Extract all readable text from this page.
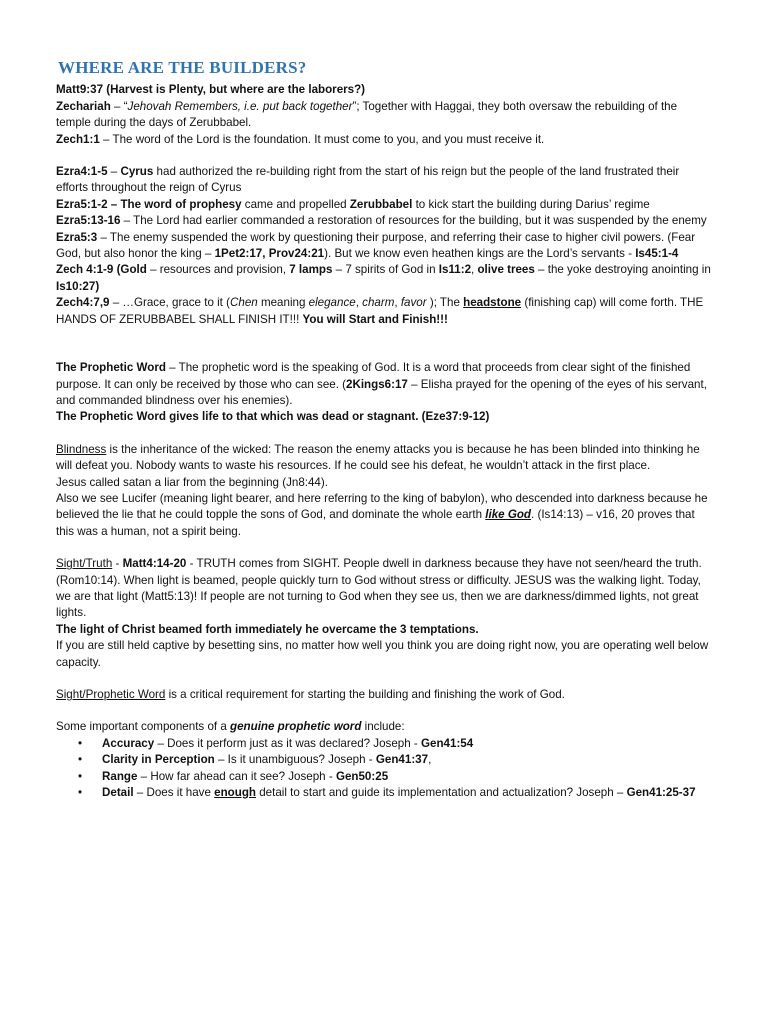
WHERE ARE THE BUILDERS?

Matt9:37 (Harvest is Plenty, but where are the laborers?)

Zechariah – “Jehovah Remembers, i.e. put back together”; Together with Haggai, they both oversaw the rebuilding of the temple during the days of Zerubbabel.

Zech1:1 – The word of the Lord is the foundation. It must come to you, and you must receive it.

Ezra4:1-5 – Cyrus had authorized the re-building right from the start of his reign but the people of the land frustrated their efforts throughout the reign of Cyrus

Ezra5:1-2 – The word of prophesy came and propelled Zerubbabel to kick start the building during Darius’ regime

Ezra5:13-16 – The Lord had earlier commanded a restoration of resources for the building, but it was suspended by the enemy

Ezra5:3 – The enemy suspended the work by questioning their purpose, and referring their case to higher civil powers. (Fear God, but also honor the king – 1Pet2:17, Prov24:21). But we know even heathen kings are the Lord’s servants - Is45:1-4

Zech 4:1-9 (Gold – resources and provision, 7 lamps – 7 spirits of God in Is11:2, olive trees – the yoke destroying anointing in Is10:27)

Zech4:7,9 – …Grace, grace to it (Chen meaning elegance, charm, favor ); The headstone (finishing cap) will come forth. THE HANDS OF ZERUBBABEL SHALL FINISH IT!!! You will Start and Finish!!!

The Prophetic Word – The prophetic word is the speaking of God. It is a word that proceeds from clear sight of the finished purpose. It can only be received by those who can see. (2Kings6:17 – Elisha prayed for the opening of the eyes of his servant, and commanded blindness over his enemies).

The Prophetic Word gives life to that which was dead or stagnant. (Eze37:9-12)

Blindness is the inheritance of the wicked: The reason the enemy attacks you is because he has been blinded into thinking he will defeat you. Nobody wants to waste his resources. If he could see his defeat, he wouldn’t attack in the first place.

Jesus called satan a liar from the beginning (Jn8:44).

Also we see Lucifer (meaning light bearer, and here referring to the king of babylon), who descended into darkness because he believed the lie that he could topple the sons of God, and dominate the whole earth like God. (Is14:13) – v16, 20 proves that this was a human, not a spirit being.

Sight/Truth - Matt4:14-20 - TRUTH comes from SIGHT. People dwell in darkness because they have not seen/heard the truth. (Rom10:14). When light is beamed, people quickly turn to God without stress or difficulty. JESUS was the walking light. Today, we are that light (Matt5:13)! If people are not turning to God when they see us, then we are darkness/dimmed lights, not great lights.

The light of Christ beamed forth immediately he overcame the 3 temptations.

If you are still held captive by besetting sins, no matter how well you think you are doing right now, you are operating well below capacity.

Sight/Prophetic Word is a critical requirement for starting the building and finishing the work of God.

Some important components of a genuine prophetic word include:

• Accuracy – Does it perform just as it was declared? Joseph - Gen41:54
• Clarity in Perception – Is it unambiguous? Joseph - Gen41:37,
• Range – How far ahead can it see? Joseph - Gen50:25
• Detail – Does it have enough detail to start and guide its implementation and actualization? Joseph – Gen41:25-37
